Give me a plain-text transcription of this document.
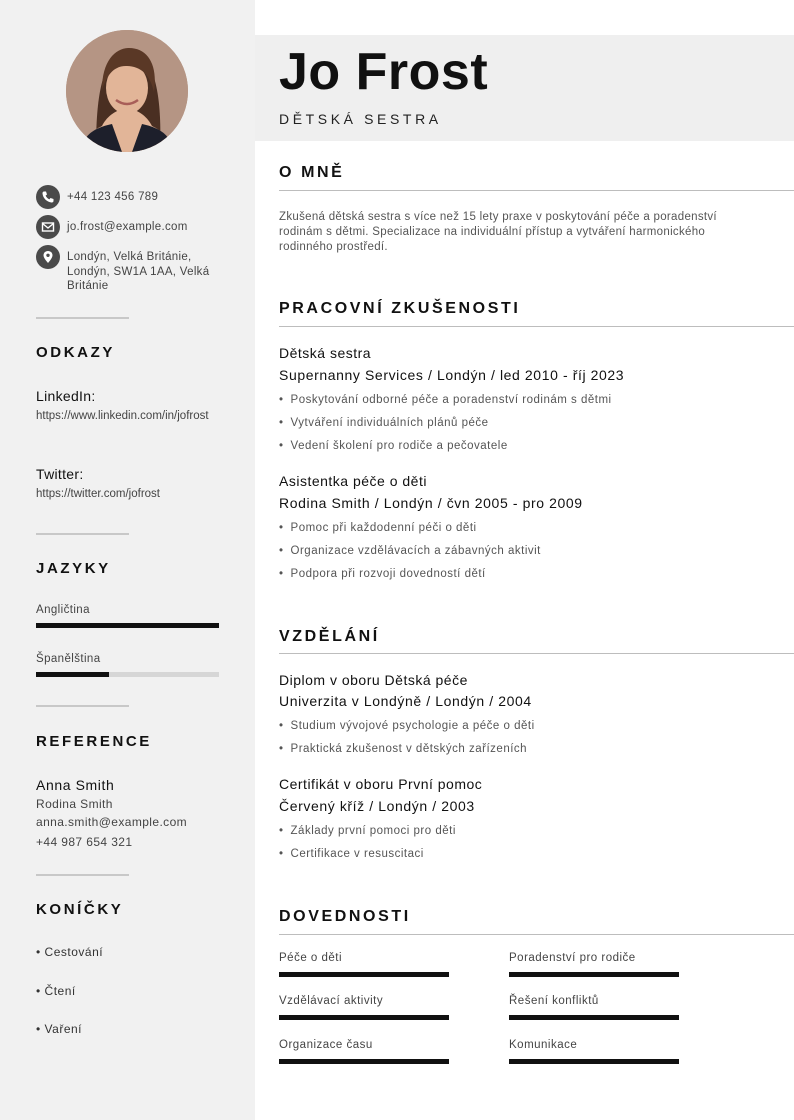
+44 123 456 789
jo.frost@example.com
Londýn, Velká Británie, Londýn, SW1A 1AA, Velká Británie
ODKAZY
LinkedIn:
https://www.linkedin.com/in/jofrost
Twitter:
https://twitter.com/jofrost
JAZYKY
Angličtina
Španělština
REFERENCE
Anna Smith
Rodina Smith
anna.smith@example.com
+44 987 654 321
KONÍČKY
• Cestování
• Čtení
• Vaření
Jo Frost
DĚTSKÁ SESTRA
O MNĚ
Zkušená dětská sestra s více než 15 lety praxe v poskytování péče a poradenství rodinám s dětmi. Specializace na individuální přístup a vytváření harmonického rodinného prostředí.
PRACOVNÍ ZKUŠENOSTI
Dětská sestra
Supernanny Services / Londýn / led 2010 - říj 2023
• Poskytování odborné péče a poradenství rodinám s dětmi
• Vytváření individuálních plánů péče
• Vedení školení pro rodiče a pečovatele
Asistentka péče o děti
Rodina Smith / Londýn / čvn 2005 - pro 2009
• Pomoc při každodenní péči o děti
• Organizace vzdělávacích a zábavných aktivit
• Podpora při rozvoji dovedností dětí
VZDĚLÁNÍ
Diplom v oboru Dětská péče
Univerzita v Londýně / Londýn / 2004
• Studium vývojové psychologie a péče o děti
• Praktická zkušenost v dětských zařízeních
Certifikát v oboru První pomoc
Červený kříž / Londýn / 2003
• Základy první pomoci pro děti
• Certifikace v resuscitaci
DOVEDNOSTI
Péče o děti	Poradenství pro rodiče
Vzdělávací aktivity	Řešení konfliktů
Organizace času	Komunikace
